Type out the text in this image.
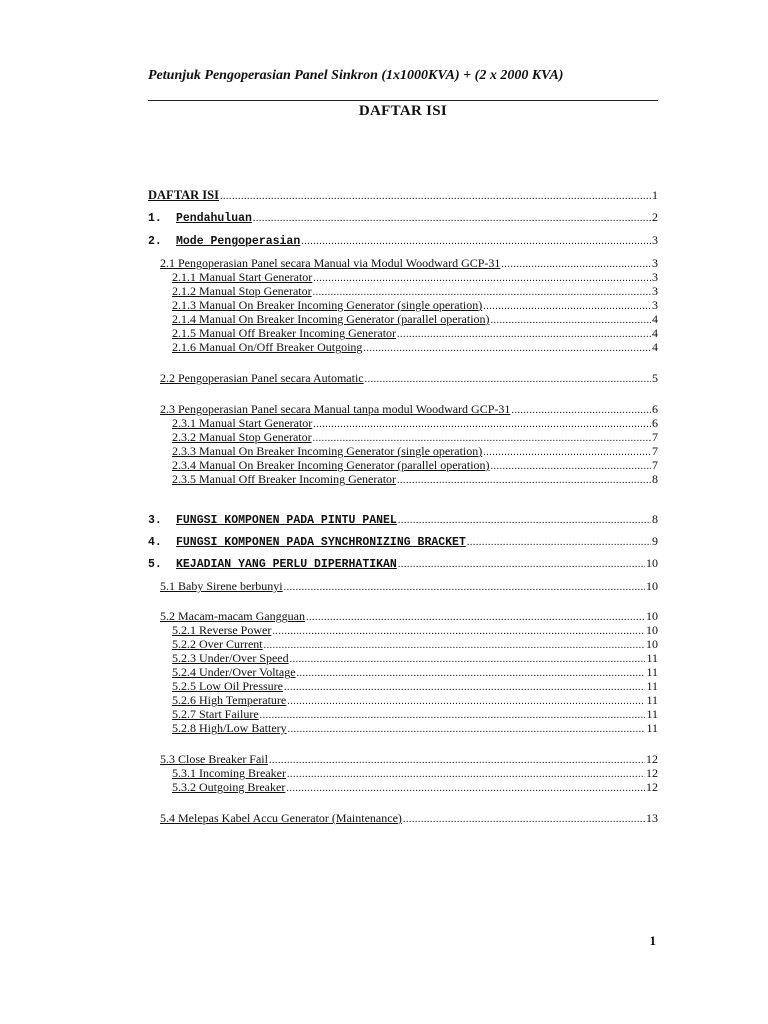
Petunjuk Pengoperasian Panel Sinkron (1x1000KVA) + (2 x 2000 KVA)
DAFTAR ISI
DAFTAR ISI .....	1
1.	Pendahuluan .....	2
2.	Mode Pengoperasian .....	3
2.1 Pengoperasian Panel secara Manual via Modul Woodward GCP-31 .....	3
2.1.1 Manual Start Generator .....	3
2.1.2 Manual Stop Generator .....	3
2.1.3 Manual On Breaker Incoming Generator (single operation) .....	3
2.1.4 Manual On Breaker Incoming Generator (parallel operation) .....	4
2.1.5 Manual Off Breaker Incoming Generator .....	4
2.1.6 Manual On/Off Breaker Outgoing .....	4
2.2 Pengoperasian Panel secara Automatic .....	5
2.3 Pengoperasian Panel secara Manual tanpa modul Woodward GCP-31 .....	6
2.3.1 Manual Start Generator .....	6
2.3.2 Manual Stop Generator .....	7
2.3.3 Manual On Breaker Incoming Generator (single operation) .....	7
2.3.4 Manual On Breaker Incoming Generator (parallel operation) .....	7
2.3.5 Manual Off Breaker Incoming Generator .....	8
3.	FUNGSI KOMPONEN PADA PINTU PANEL .....	8
4.	FUNGSI KOMPONEN PADA SYNCHRONIZING BRACKET .....	9
5.	KEJADIAN YANG PERLU DIPERHATIKAN .....	10
5.1 Baby Sirene berbunyi .....	10
5.2 Macam-macam Gangguan .....	10
5.2.1 Reverse Power .....	10
5.2.2 Over Current .....	10
5.2.3 Under/Over Speed .....	11
5.2.4 Under/Over Voltage .....	11
5.2.5 Low Oil Pressure .....	11
5.2.6 High Temperature .....	11
5.2.7 Start Failure .....	11
5.2.8 High/Low Battery .....	11
5.3 Close Breaker Fail .....	12
5.3.1 Incoming Breaker .....	12
5.3.2 Outgoing Breaker .....	12
5.4 Melepas Kabel Accu Generator (Maintenance) .....	13
1
